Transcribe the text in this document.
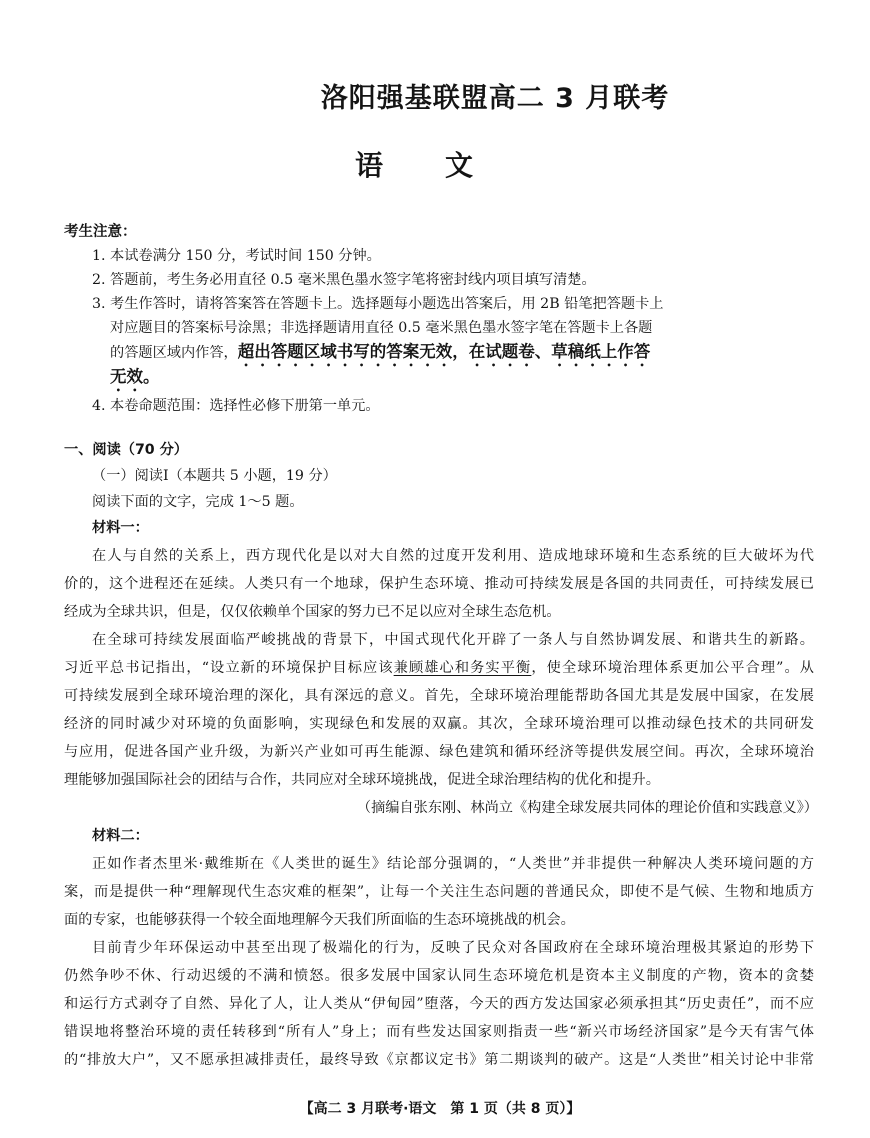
洛阳强基联盟高二 3 月联考
语文
考生注意：
1. 本试卷满分 150 分，考试时间 150 分钟。
2. 答题前，考生务必用直径 0.5 毫米黑色墨水签字笔将密封线内项目填写清楚。
3. 考生作答时，请将答案答在答题卡上。选择题每小题选出答案后，用 2B 铅笔把答题卡上
对应题目的答案标号涂黑；非选择题请用直径 0.5 毫米黑色墨水签字笔在答题卡上各题
的答题区域内作答，超出答题区域书写的答案无效，在试题卷、草稿纸上作答
无效。
4. 本卷命题范围：选择性必修下册第一单元。
一、阅读（70 分）
（一）阅读Ⅰ（本题共 5 小题，19 分）
阅读下面的文字，完成 1～5 题。
材料一：
在人与自然的关系上，西方现代化是以对大自然的过度开发利用、造成地球环境和生态系统的巨大破坏为代
价的，这个进程还在延续。人类只有一个地球，保护生态环境、推动可持续发展是各国的共同责任，可持续发展已
经成为全球共识，但是，仅仅依赖单个国家的努力已不足以应对全球生态危机。
在全球可持续发展面临严峻挑战的背景下，中国式现代化开辟了一条人与自然协调发展、和谐共生的新路。
习近平总书记指出，“设立新的环境保护目标应该兼顾雄心和务实平衡，使全球环境治理体系更加公平合理”。从
可持续发展到全球环境治理的深化，具有深远的意义。首先，全球环境治理能帮助各国尤其是发展中国家，在发展
经济的同时减少对环境的负面影响，实现绿色和发展的双赢。其次，全球环境治理可以推动绿色技术的共同研发
与应用，促进各国产业升级，为新兴产业如可再生能源、绿色建筑和循环经济等提供发展空间。再次，全球环境治
理能够加强国际社会的团结与合作，共同应对全球环境挑战，促进全球治理结构的优化和提升。
（摘编自张东刚、林尚立《构建全球发展共同体的理论价值和实践意义》）
材料二：
正如作者杰里米·戴维斯在《人类世的诞生》结论部分强调的，“人类世”并非提供一种解决人类环境问题的方
案，而是提供一种“理解现代生态灾难的框架”，让每一个关注生态问题的普通民众，即使不是气候、生物和地质方
面的专家，也能够获得一个较全面地理解今天我们所面临的生态环境挑战的机会。
目前青少年环保运动中甚至出现了极端化的行为，反映了民众对各国政府在全球环境治理极其紧迫的形势下
仍然争吵不休、行动迟缓的不满和愤怒。很多发展中国家认同生态环境危机是资本主义制度的产物，资本的贪婪
和运行方式剥夺了自然、异化了人，让人类从“伊甸园”堕落，今天的西方发达国家必须承担其“历史责任”，而不应
错误地将整治环境的责任转移到“所有人”身上；而有些发达国家则指责一些“新兴市场经济国家”是今天有害气体
的“排放大户”，又不愿承担减排责任，最终导致《京都议定书》第二期谈判的破产。这是“人类世”相关讨论中非常
【高二 3 月联考·语文　第 1 页（共 8 页）】
